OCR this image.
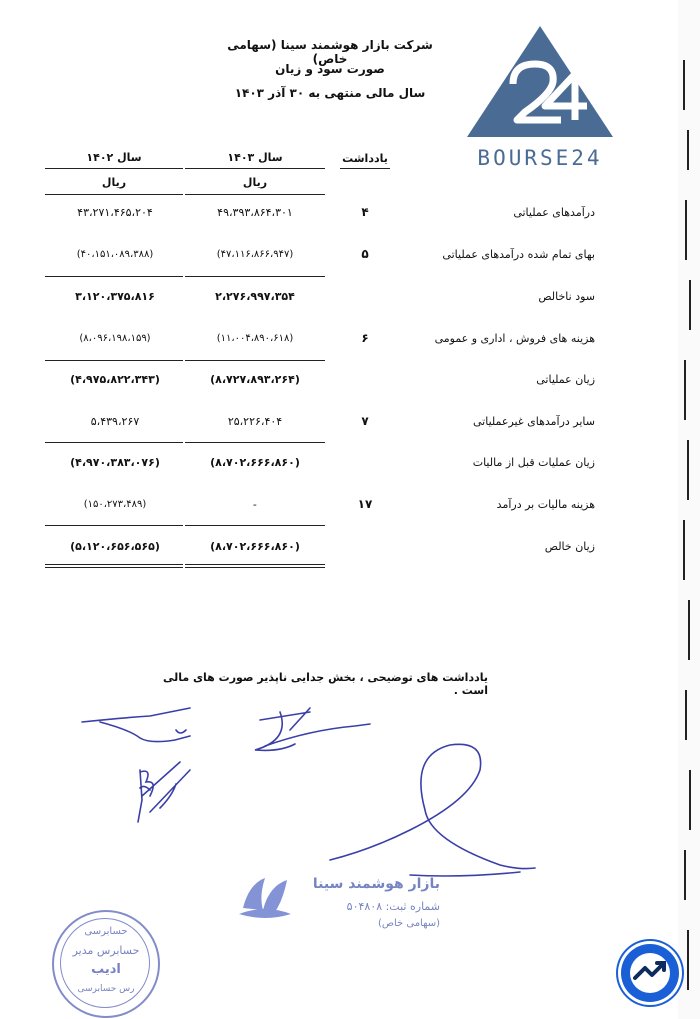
شرکت بازار هوشمند سینا (سهامی خاص)
صورت سود و زیان
سال مالی منتهی به ۳۰ آذر ۱۴۰۳
BOURSE24
یادداشت
سال ۱۴۰۳
سال ۱۴۰۲
ریال
ریال
درآمدهای عملیاتی
۴
۴۹،۳۹۳،۸۶۴،۳۰۱
۴۳،۲۷۱،۴۶۵،۲۰۴
بهای تمام شده درآمدهای عملیاتی
۵
(۴۷،۱۱۶،۸۶۶،۹۴۷)
(۴۰،۱۵۱،۰۸۹،۳۸۸)
سود ناخالص
۲،۲۷۶،۹۹۷،۳۵۴
۳،۱۲۰،۳۷۵،۸۱۶
هزینه های فروش ، اداری و عمومی
۶
(۱۱،۰۰۴،۸۹۰،۶۱۸)
(۸،۰۹۶،۱۹۸،۱۵۹)
زیان عملیاتی
(۸،۷۲۷،۸۹۳،۲۶۴)
(۴،۹۷۵،۸۲۲،۳۴۳)
سایر درآمدهای غیرعملیاتی
۷
۲۵،۲۲۶،۴۰۴
۵،۴۳۹،۲۶۷
زیان عملیات قبل از مالیات
(۸،۷۰۲،۶۶۶،۸۶۰)
(۴،۹۷۰،۳۸۳،۰۷۶)
هزینه مالیات بر درآمد
۱۷
-
(۱۵۰،۲۷۳،۴۸۹)
زیان خالص
(۸،۷۰۲،۶۶۶،۸۶۰)
(۵،۱۲۰،۶۵۶،۵۶۵)
یادداشت های توضیحی ، بخش جدایی ناپذیر صورت های مالی است .
بازار هوشمند سینا
شماره ثبت: ۵۰۴۸۰۸
(سهامی خاص)
حسابرسی
حسابرس مدیر
ادیب
رس حسابرسی
